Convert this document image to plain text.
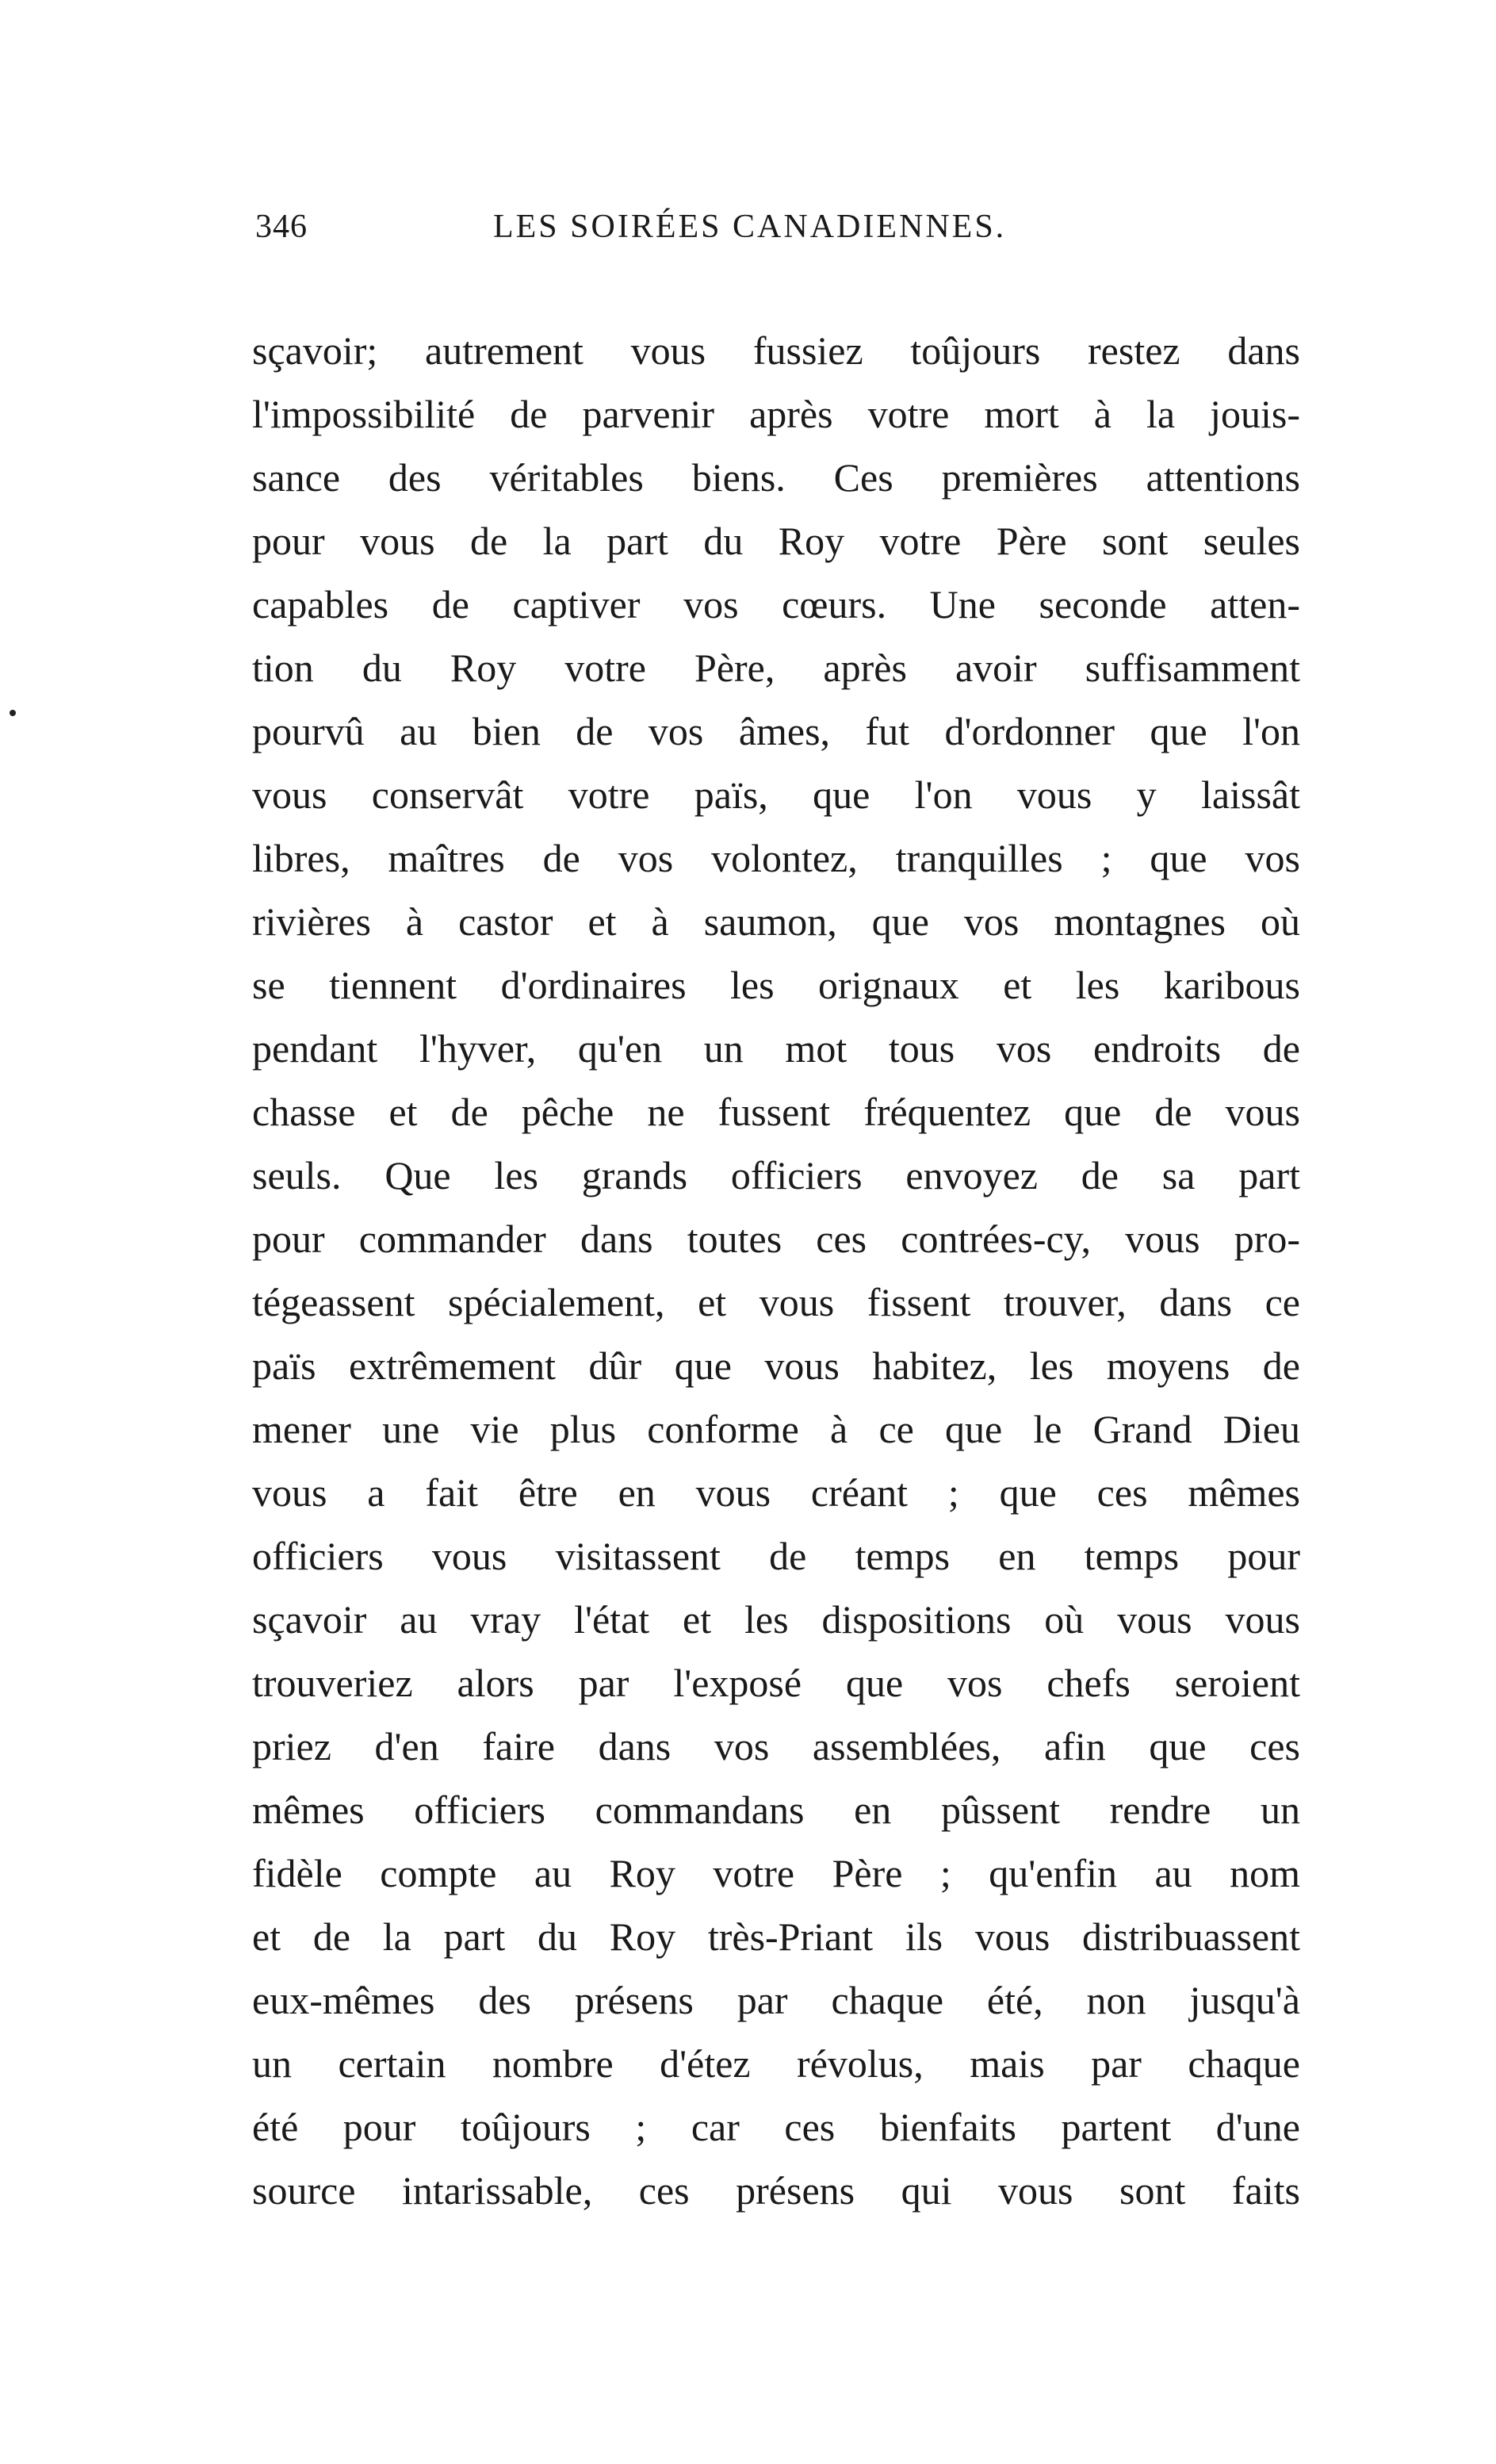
346	LES SOIRÉES CANADIENNES.
sçavoir; autrement vous fussiez toûjours restez dans
l'impossibilité de parvenir après votre mort à la jouis-
sance des véritables biens. Ces premières attentions
pour vous de la part du Roy votre Père sont seules
capables de captiver vos cœurs. Une seconde atten-
tion du Roy votre Père, après avoir suffisamment
pourvû au bien de vos âmes, fut d'ordonner que l'on
vous conservât votre païs, que l'on vous y laissât
libres, maîtres de vos volontez, tranquilles ; que vos
rivières à castor et à saumon, que vos montagnes où
se tiennent d'ordinaires les orignaux et les karibous
pendant l'hyver, qu'en un mot tous vos endroits de
chasse et de pêche ne fussent fréquentez que de vous
seuls. Que les grands officiers envoyez de sa part
pour commander dans toutes ces contrées-cy, vous pro-
tégeassent spécialement, et vous fissent trouver, dans ce
païs extrêmement dûr que vous habitez, les moyens de
mener une vie plus conforme à ce que le Grand Dieu
vous a fait être en vous créant ; que ces mêmes
officiers vous visitassent de temps en temps pour
sçavoir au vray l'état et les dispositions où vous vous
trouveriez alors par l'exposé que vos chefs seroient
priez d'en faire dans vos assemblées, afin que ces
mêmes officiers commandans en pûssent rendre un
fidèle compte au Roy votre Père ; qu'enfin au nom
et de la part du Roy très-Priant ils vous distribuassent
eux-mêmes des présens par chaque été, non jusqu'à
un certain nombre d'étez révolus, mais par chaque
été pour toûjours ; car ces bienfaits partent d'une
source intarissable, ces présens qui vous sont faits
